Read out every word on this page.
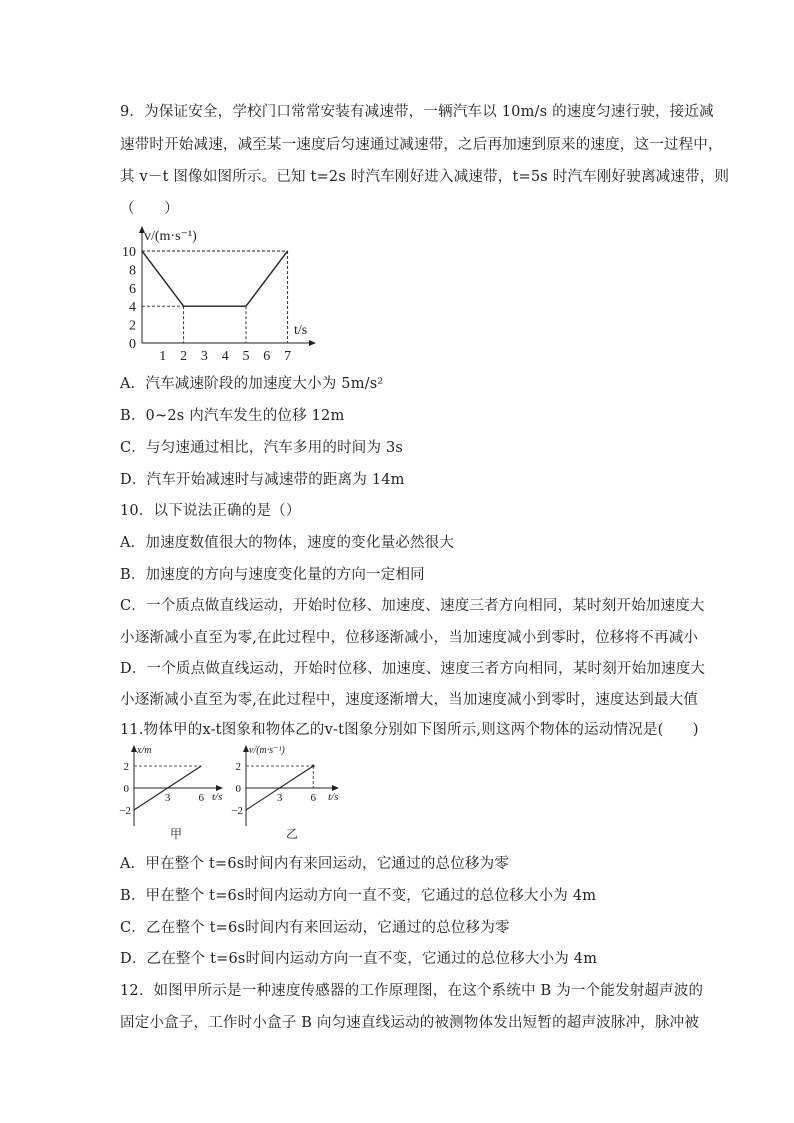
9．为保证安全，学校门口常常安装有减速带，一辆汽车以 10m/s 的速度匀速行驶，接近减
速带时开始减速，减至某一速度后匀速通过减速带，之后再加速到原来的速度，这一过程中，
其 v－t 图像如图所示。已知 t=2s 时汽车刚好进入减速带，t=5s 时汽车刚好驶离减速带，则
（　　）
v/(m·s⁻¹)
t/s
0
2
4
6
8
10
1 2 3 4 5 6 7
A．汽车减速阶段的加速度大小为 5m/s²
B．0~2s 内汽车发生的位移 12m
C．与匀速通过相比，汽车多用的时间为 3s
D．汽车开始减速时与减速带的距离为 14m
10．以下说法正确的是（）
A．加速度数值很大的物体，速度的变化量必然很大
B．加速度的方向与速度变化量的方向一定相同
C．一个质点做直线运动，开始时位移、加速度、速度三者方向相同，某时刻开始加速度大
小逐渐减小直至为零,在此过程中，位移逐渐减小，当加速度减小到零时，位移将不再减小
D．一个质点做直线运动，开始时位移、加速度、速度三者方向相同，某时刻开始加速度大
小逐渐减小直至为零,在此过程中，速度逐渐增大，当加速度减小到零时，速度达到最大值
11.物体甲的x-t图象和物体乙的v-t图象分别如下图所示,则这两个物体的运动情况是(　　)
x/m
t/s
2
0
−2
3	6
甲
v/(m·s⁻¹)
t/s
2
0
−2
3	6
乙
A．甲在整个 t=6s时间内有来回运动，它通过的总位移为零
B．甲在整个 t=6s时间内运动方向一直不变，它通过的总位移大小为 4m
C．乙在整个 t=6s时间内有来回运动，它通过的总位移为零
D．乙在整个 t=6s时间内运动方向一直不变，它通过的总位移大小为 4m
12．如图甲所示是一种速度传感器的工作原理图，在这个系统中 B 为一个能发射超声波的
固定小盒子，工作时小盒子 B 向匀速直线运动的被测物体发出短暂的超声波脉冲，脉冲被
